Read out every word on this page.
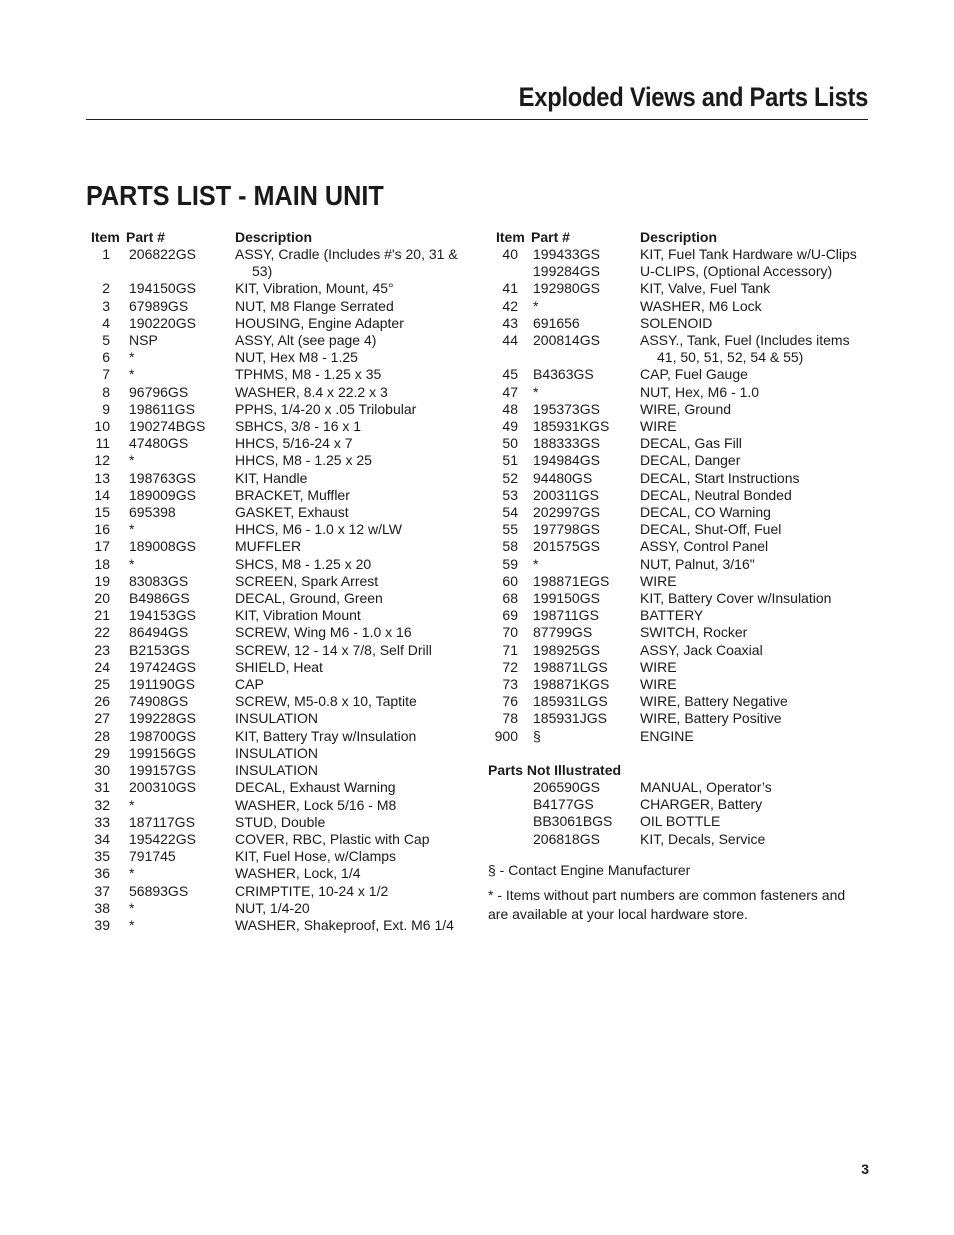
Exploded Views and Parts Lists
PARTS LIST - MAIN UNIT
Item Part #	Description
1 206822GS	ASSY, Cradle (Includes #'s 20, 31 &
53)
2 194150GS	KIT, Vibration, Mount, 45°
3 67989GS	NUT, M8 Flange Serrated
4 190220GS	HOUSING, Engine Adapter
5 NSP	ASSY, Alt (see page 4)
6 *	NUT, Hex M8 - 1.25
7 *	TPHMS, M8 - 1.25 x 35
8 96796GS	WASHER, 8.4 x 22.2 x 3
9 198611GS	PPHS, 1/4-20 x .05 Trilobular
10 190274BGS SBHCS, 3/8 - 16 x 1
11 47480GS	HHCS, 5/16-24 x 7
12 *	HHCS, M8 - 1.25 x 25
13 198763GS	KIT, Handle
14 189009GS	BRACKET, Muffler
15 695398	GASKET, Exhaust
16 *	HHCS, M6 - 1.0 x 12 w/LW
17 189008GS	MUFFLER
18 *	SHCS, M8 - 1.25 x 20
19 83083GS	SCREEN, Spark Arrest
20 B4986GS	DECAL, Ground, Green
21 194153GS	KIT, Vibration Mount
22 86494GS	SCREW, Wing M6 - 1.0 x 16
23 B2153GS	SCREW, 12 - 14 x 7/8, Self Drill
24 197424GS	SHIELD, Heat
25 191190GS	CAP
26 74908GS	SCREW, M5-0.8 x 10, Taptite
27 199228GS	INSULATION
28 198700GS	KIT, Battery Tray w/Insulation
29 199156GS	INSULATION
30 199157GS	INSULATION
31 200310GS	DECAL, Exhaust Warning
32 *	WASHER, Lock 5/16 - M8
33 187117GS	STUD, Double
34 195422GS	COVER, RBC, Plastic with Cap
35 791745	KIT, Fuel Hose, w/Clamps
36 *	WASHER, Lock, 1/4
37 56893GS	CRIMPTITE, 10-24 x 1/2
38 *	NUT, 1/4-20
39 *	WASHER, Shakeproof, Ext. M6 1/4
Item Part #	Description
40 199433GS	KIT, Fuel Tank Hardware w/U-Clips
199284GS	U-CLIPS, (Optional Accessory)
41 192980GS	KIT, Valve, Fuel Tank
42 *	WASHER, M6 Lock
43 691656	SOLENOID
44 200814GS	ASSY., Tank, Fuel (Includes items
41, 50, 51, 52, 54 & 55)
45 B4363GS	CAP, Fuel Gauge
47 *	NUT, Hex, M6 - 1.0
48 195373GS	WIRE, Ground
49 185931KGS WIRE
50 188333GS	DECAL, Gas Fill
51 194984GS	DECAL, Danger
52 94480GS	DECAL, Start Instructions
53 200311GS	DECAL, Neutral Bonded
54 202997GS	DECAL, CO Warning
55 197798GS	DECAL, Shut-Off, Fuel
58 201575GS	ASSY, Control Panel
59 *	NUT, Palnut, 3/16"
60 198871EGS WIRE
68 199150GS	KIT, Battery Cover w/Insulation
69 198711GS	BATTERY
70 87799GS	SWITCH, Rocker
71 198925GS	ASSY, Jack Coaxial
72 198871LGS WIRE
73 198871KGS WIRE
76 185931LGS WIRE, Battery Negative
78 185931JGS WIRE, Battery Positive
900 §	ENGINE
Parts Not Illustrated
206590GS	MANUAL, Operator’s
B4177GS	CHARGER, Battery
BB3061BGS OIL BOTTLE
206818GS	KIT, Decals, Service
§ - Contact Engine Manufacturer
* - Items without part numbers are common fasteners and are available at your local hardware store.
3
